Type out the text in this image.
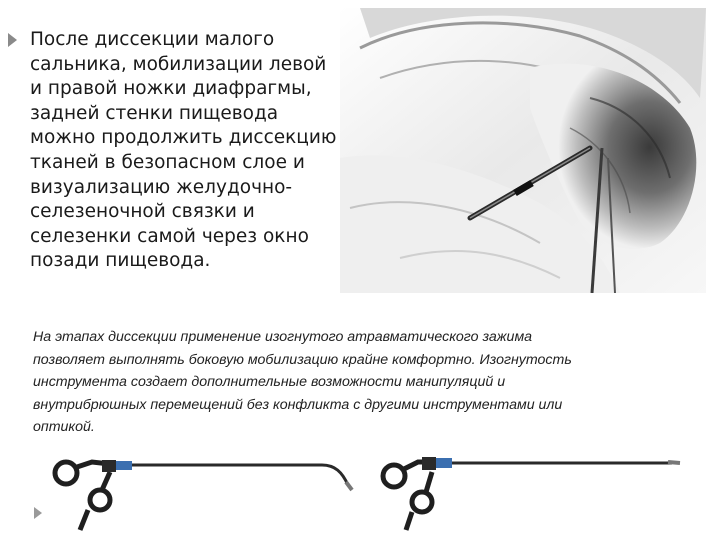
После диссекции малого
сальника, мобилизации левой
и правой ножки диафрагмы,
задней стенки пищевода
можно продолжить диссекцию
тканей в безопасном слое и
визуализацию желудочно-
селезеночной связки и
селезенки самой через окно
позади пищевода.
На этапах диссекции применение изогнутого атравматического зажима
позволяет выполнять боковую мобилизацию крайне комфортно. Изогнутость
инструмента создает дополнительные возможности манипуляций и
внутрибрюшных перемещений без конфликта с другими инструментами или
оптикой.
